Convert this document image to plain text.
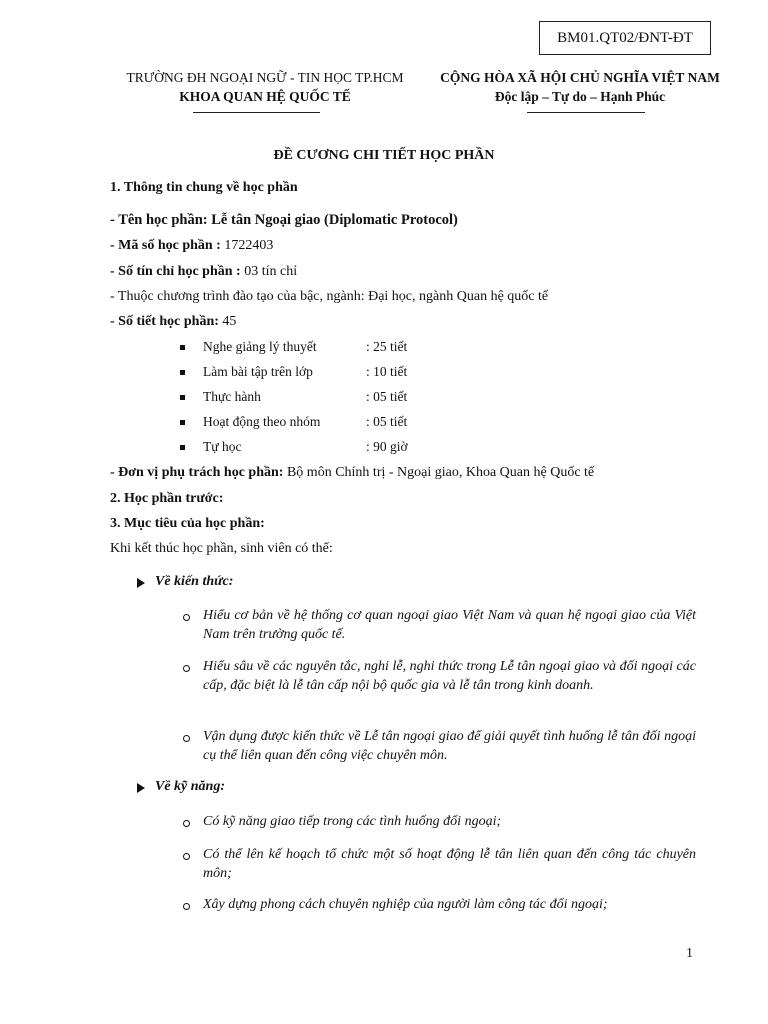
BM01.QT02/ĐNT-ĐT
TRƯỜNG ĐH NGOẠI NGỮ - TIN HỌC TP.HCM
KHOA QUAN HỆ QUỐC TẾ
CỘNG HÒA XÃ HỘI CHỦ NGHĨA VIỆT NAM
Độc lập – Tự do – Hạnh Phúc
ĐỀ CƯƠNG CHI TIẾT HỌC PHẦN
1. Thông tin chung về học phần
- Tên học phần: Lễ tân Ngoại giao (Diplomatic Protocol)
- Mã số học phần : 1722403
- Số tín chỉ học phần : 03 tín chỉ
- Thuộc chương trình đào tạo của bậc, ngành: Đại học, ngành Quan hệ quốc tế
- Số tiết học phần: 45
Nghe giảng lý thuyết	: 25 tiết
Làm bài tập trên lớp	: 10 tiết
Thực hành	: 05 tiết
Hoạt động theo nhóm	: 05 tiết
Tự học	: 90 giờ
- Đơn vị phụ trách học phần: Bộ môn Chính trị - Ngoại giao, Khoa Quan hệ Quốc tế
2. Học phần trước:
3. Mục tiêu của học phần:
Khi kết thúc học phần, sinh viên có thể:
Về kiến thức:
Hiểu cơ bản về hệ thống cơ quan ngoại giao Việt Nam và quan hệ ngoại giao của Việt Nam trên trường quốc tế.
Hiểu sâu về các nguyên tắc, nghi lễ, nghi thức trong Lễ tân ngoại giao và đối ngoại các cấp, đặc biệt là lễ tân cấp nội bộ quốc gia và lễ tân trong kinh doanh.
Vận dụng được kiến thức về Lễ tân ngoại giao để giải quyết tình huống lễ tân đối ngoại cụ thể liên quan đến công việc chuyên môn.
Về kỹ năng:
Có kỹ năng giao tiếp trong các tình huống đối ngoại;
Có thể lên kế hoạch tổ chức một số hoạt động lễ tân liên quan đến công tác chuyên môn;
Xây dựng phong cách chuyên nghiệp của người làm công tác đối ngoại;
1
